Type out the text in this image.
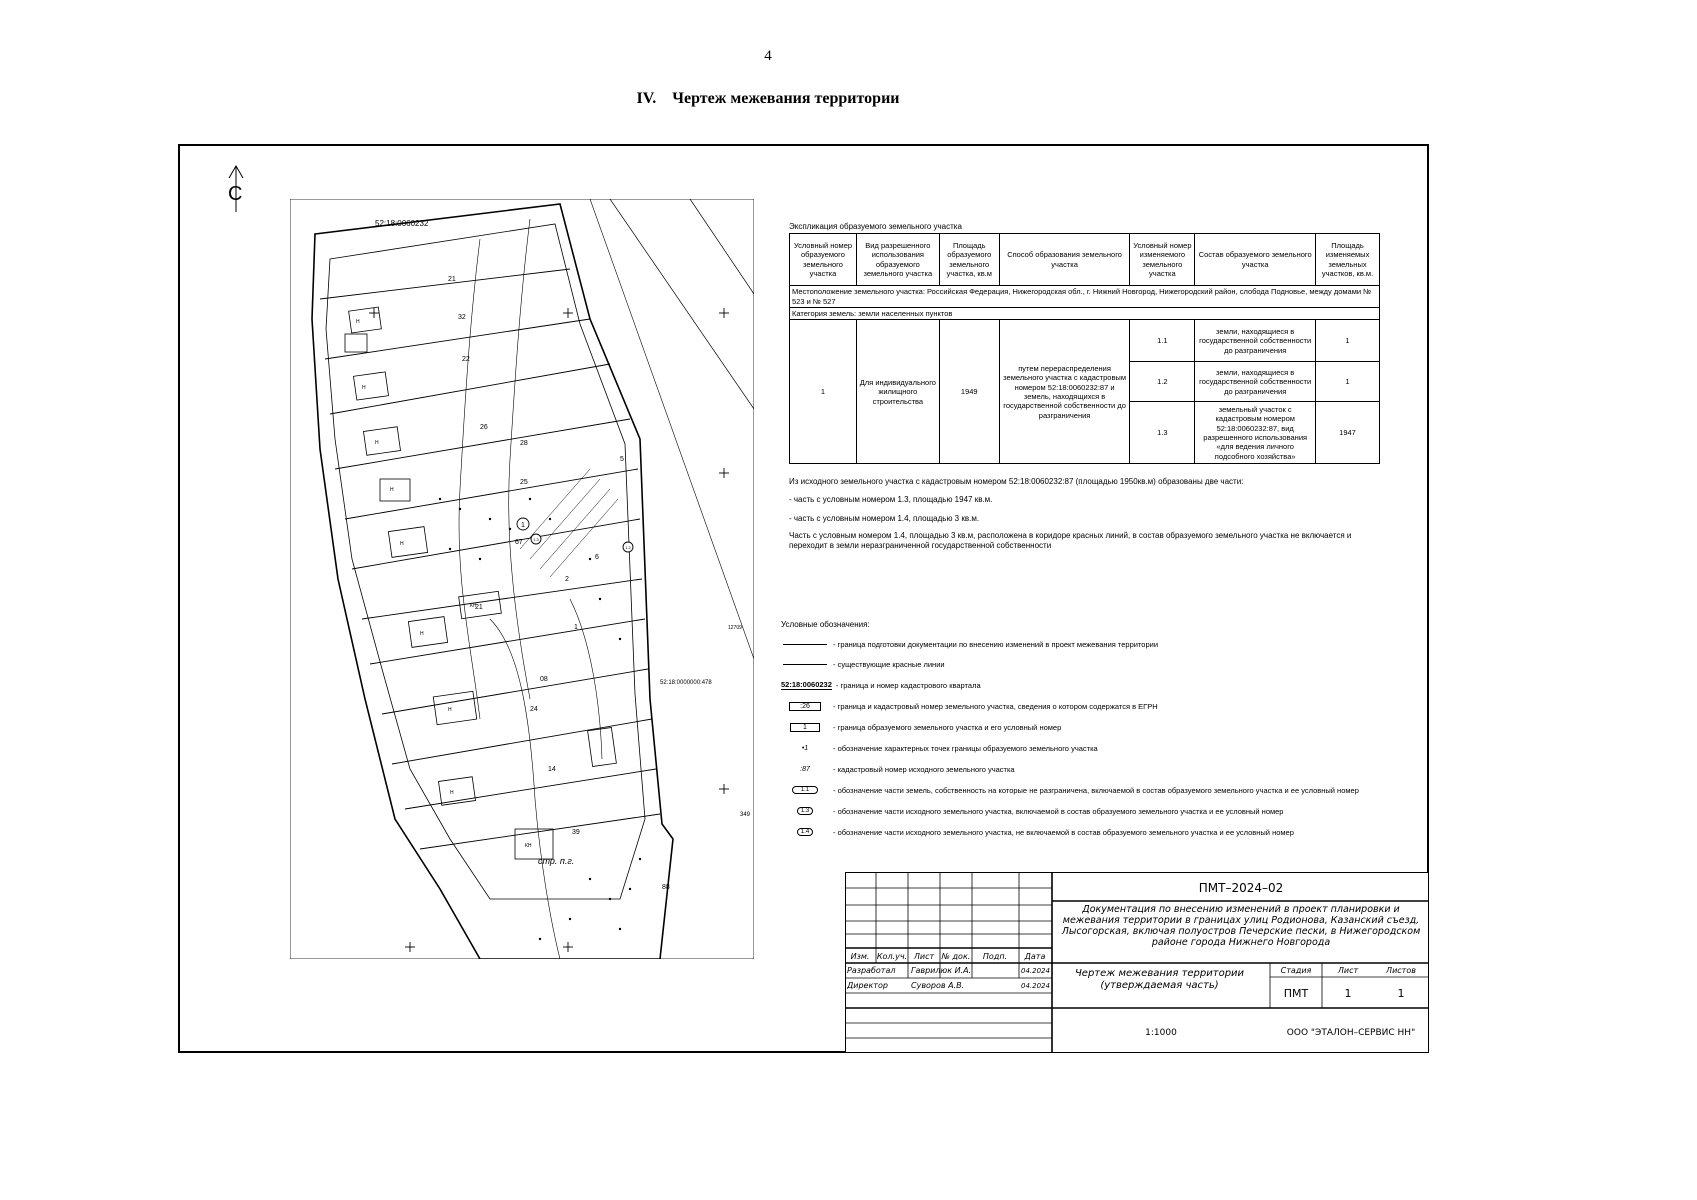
4
IV.    Чертеж межевания территории
С
52:18:0060232
52:18:0000000:478
349
12709
21
32
22
26
28
25
67
2
21
08
24
14
39
88
1
5
6
стр. п.г.
Н
Н
Н
Н
Н
Н
Н
Н
КН
КН
1
1.3
1.2
Экспликация образуемого земельного участка
Условный номер образуемого земельного участка	Вид разрешенного использования образуемого земельного участка	Площадь образуемого земельного участка, кв.м	Способ образования земельного участка	Условный номер изменяемого земельного участка	Состав образуемого земельного участка	Площадь изменяемых земельных участков, кв.м.
Местоположение земельного участка: Российская Федерация, Нижегородская обл., г. Нижний Новгород, Нижегородский район, слобода Подновье, между домами № 523 и № 527						
Категория земель: земли населенных пунктов						
1	Для индивидуального жилищного строительства	1949	путем перераспределения земельного участка с кадастровым номером 52:18:0060232:87 и земель, находящихся в государственной собственности до разграничения	1.1	земли, находящиеся в государственной собственности до разграничения	1
				1.2	земли, находящиеся в государственной собственности до разграничения	1
				1.3	земельный участок с кадастровым номером 52:18:0060232:87, вид разрешенного использования «для ведения личного подсобного хозяйства»	1947
Из исходного земельного участка с кадастровым номером 52:18:0060232:87 (площадью 1950кв.м) образованы две части:
- часть с условным номером 1.3, площадью 1947 кв.м.
- часть с условным номером 1.4, площадью 3 кв.м.
Часть с условным номером 1.4, площадью 3 кв.м, расположена в коридоре красных линий, в состав образуемого земельного участка не включается и переходит в земли неразграниченной государственной собственности
Условные обозначения:
- граница подготовки документации по внесению изменений в проект межевания территории
- существующие красные линии
52:18:0060232 - граница и номер кадастрового квартала
:26	- граница и кадастровый номер земельного участка, сведения о котором содержатся в ЕГРН
1	- граница образуемого земельного участка и его условный номер
• 1	- обозначение характерных точек границы образуемого земельного участка
:87	- кадастровый номер исходного земельного участка
1.1	- обозначение части земель, собственность на которые не разграничена, включаемой в состав образуемого земельного участка и ее условный номер
1.3	- обозначение части исходного земельного участка, включаемой в состав образуемого земельного участка и ее условный номер
1.4	- обозначение части исходного земельного участка, не включаемой в состав образуемого земельного участка и ее условный номер
Изм. Кол.уч. Лист № док. Подп. Дата
Разработал Гаврилюк И.А.	04.2024
Директор	Суворов А.В.	04.2024
Стадия	Лист	Листов
ПМТ–2024–02
ПМТ	1	1
1:1000	ООО "ЭТАЛОН–СЕРВИС НН"
Документация по внесению изменений в проект планировки и межевания территории в границах улиц Родионова, Казанский съезд, Лысогорская, включая полуостров Печерские пески, в Нижегородском районе города Нижнего Новгорода
Чертеж межевания территории (утверждаемая часть)
